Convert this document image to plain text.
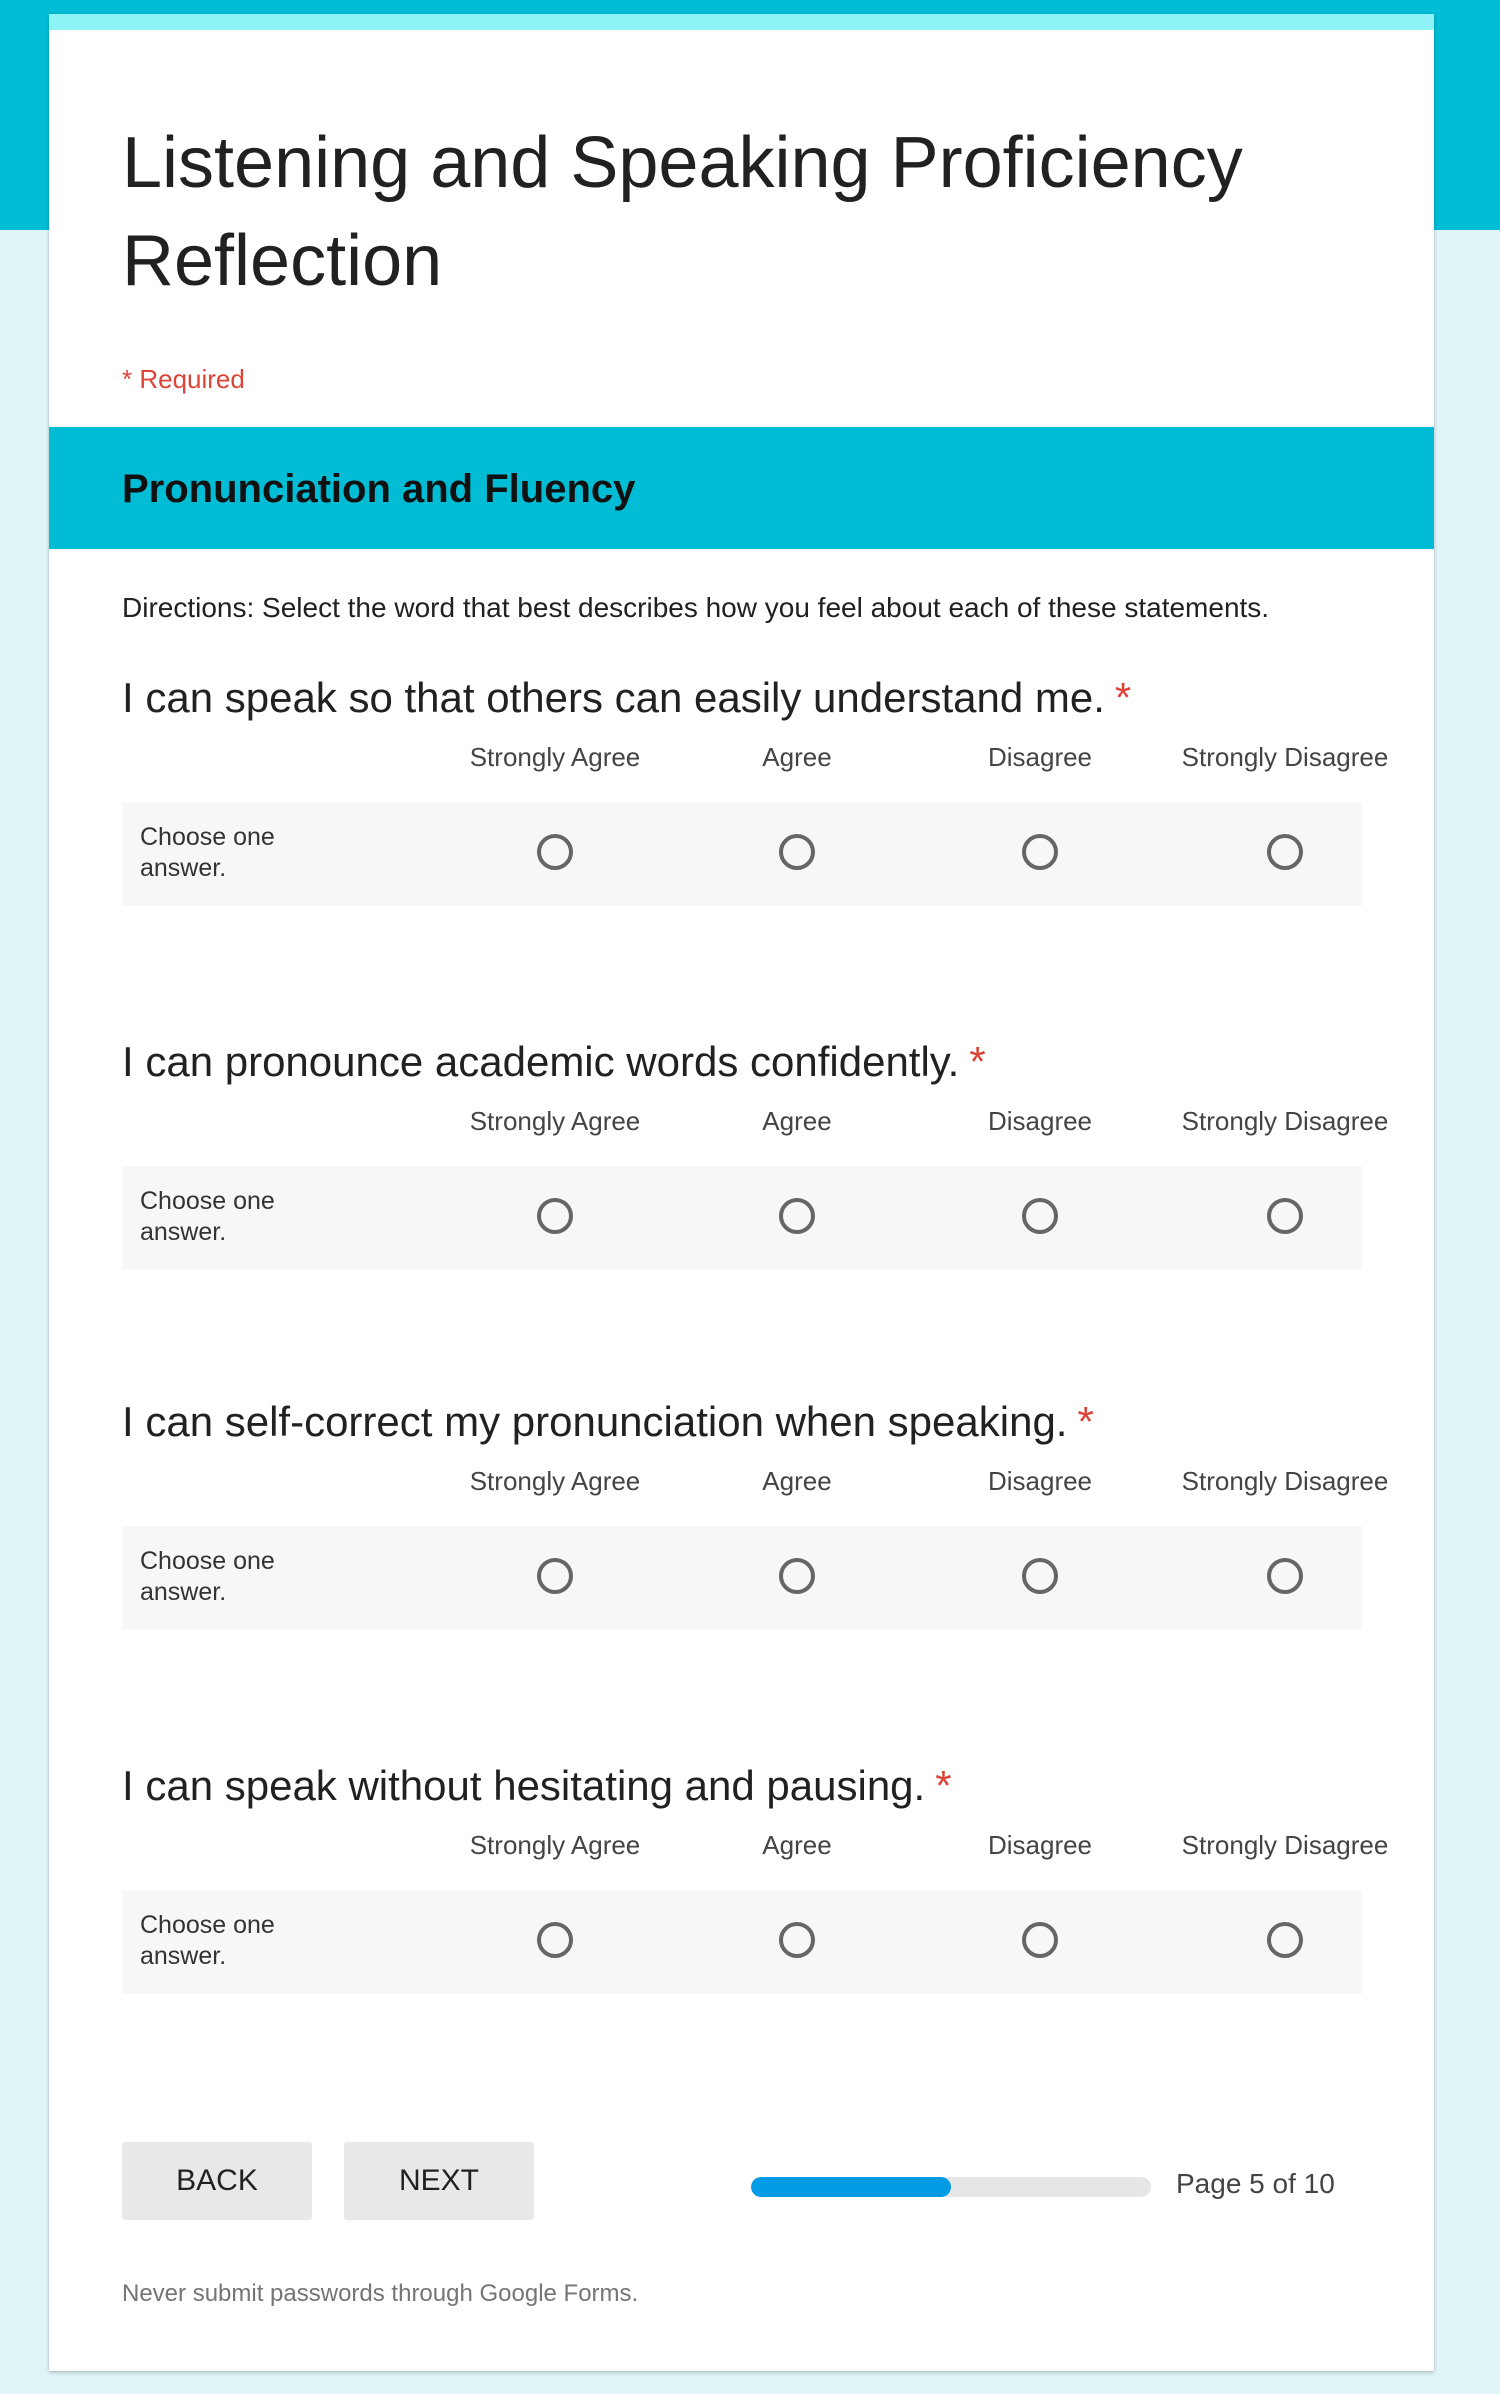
Listening and Speaking Proficiency Reflection
* Required
Pronunciation and Fluency
Directions: Select the word that best describes how you feel about each of these statements.
I can speak so that others can easily understand me. *
Strongly Agree	Agree	Disagree	Strongly Disagree
Choose one answer.
I can pronounce academic words confidently. *
Strongly Agree	Agree	Disagree	Strongly Disagree
Choose one answer.
I can self-correct my pronunciation when speaking. *
Strongly Agree	Agree	Disagree	Strongly Disagree
Choose one answer.
I can speak without hesitating and pausing. *
Strongly Agree	Agree	Disagree	Strongly Disagree
Choose one answer.
BACK	NEXT	Page 5 of 10
Never submit passwords through Google Forms.
